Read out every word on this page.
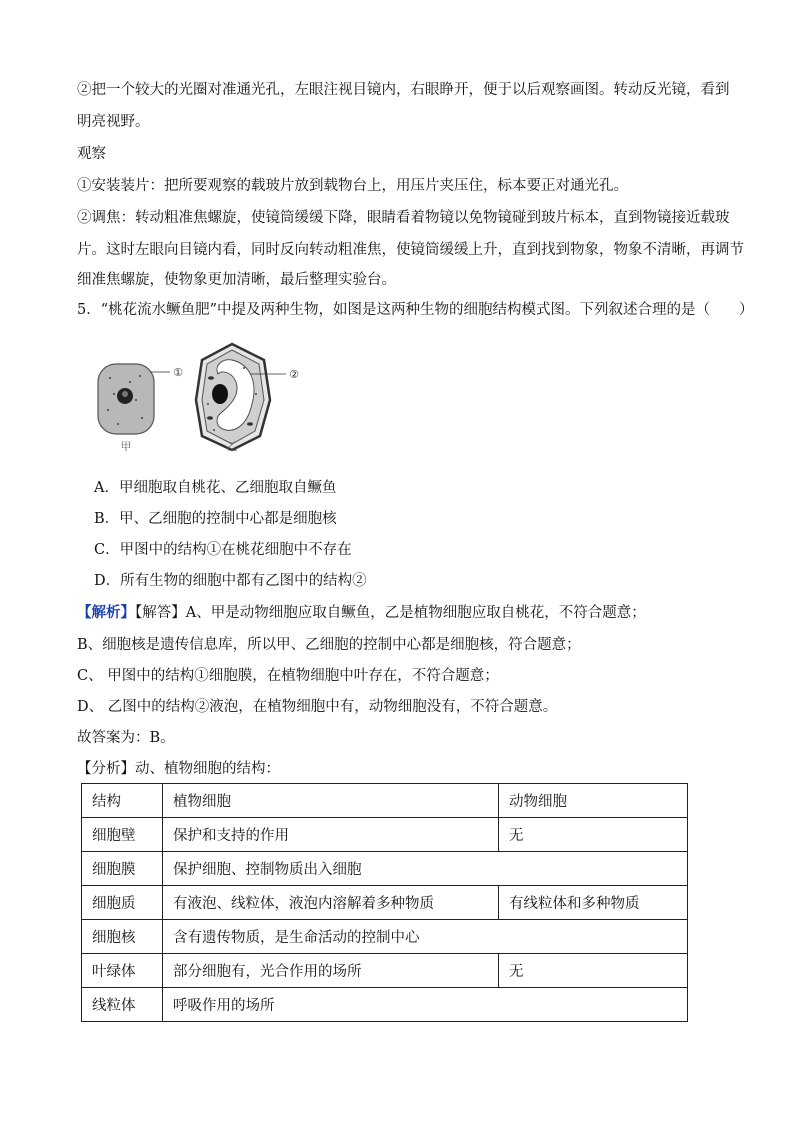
②把一个较大的光圈对准通光孔，左眼注视目镜内，右眼睁开，便于以后观察画图。转动反光镜，看到
明亮视野。
观察
①安装装片：把所要观察的载玻片放到载物台上，用压片夹压住，标本要正对通光孔。
②调焦：转动粗准焦螺旋，使镜筒缓缓下降，眼睛看着物镜以免物镜碰到玻片标本，直到物镜接近载玻
片。这时左眼向目镜内看，同时反向转动粗准焦，使镜筒缓缓上升，直到找到物象，物象不清晰，再调节
细准焦螺旋，使物象更加清晰，最后整理实验台。
5．“桃花流水鳜鱼肥”中提及两种生物，如图是这两种生物的细胞结构模式图。下列叙述合理的是（　　）
①
甲
②
乙
A．甲细胞取自桃花、乙细胞取自鳜鱼
B．甲、乙细胞的控制中心都是细胞核
C．甲图中的结构①在桃花细胞中不存在
D．所有生物的细胞中都有乙图中的结构②
【解析】【解答】A、甲是动物细胞应取自鳜鱼，乙是植物细胞应取自桃花，不符合题意；
B、细胞核是遗传信息库，所以甲、乙细胞的控制中心都是细胞核，符合题意；
C、 甲图中的结构①细胞膜，在植物细胞中叶存在，不符合题意；
D、 乙图中的结构②液泡，在植物细胞中有，动物细胞没有，不符合题意。
故答案为：B。
【分析】动、植物细胞的结构：
结构	植物细胞	动物细胞
细胞壁	保护和支持的作用	无
细胞膜	保护细胞、控制物质出入细胞	
细胞质	有液泡、线粒体，液泡内溶解着多种物质	有线粒体和多种物质
细胞核	含有遗传物质，是生命活动的控制中心	
叶绿体	部分细胞有，光合作用的场所	无
线粒体	呼吸作用的场所	
